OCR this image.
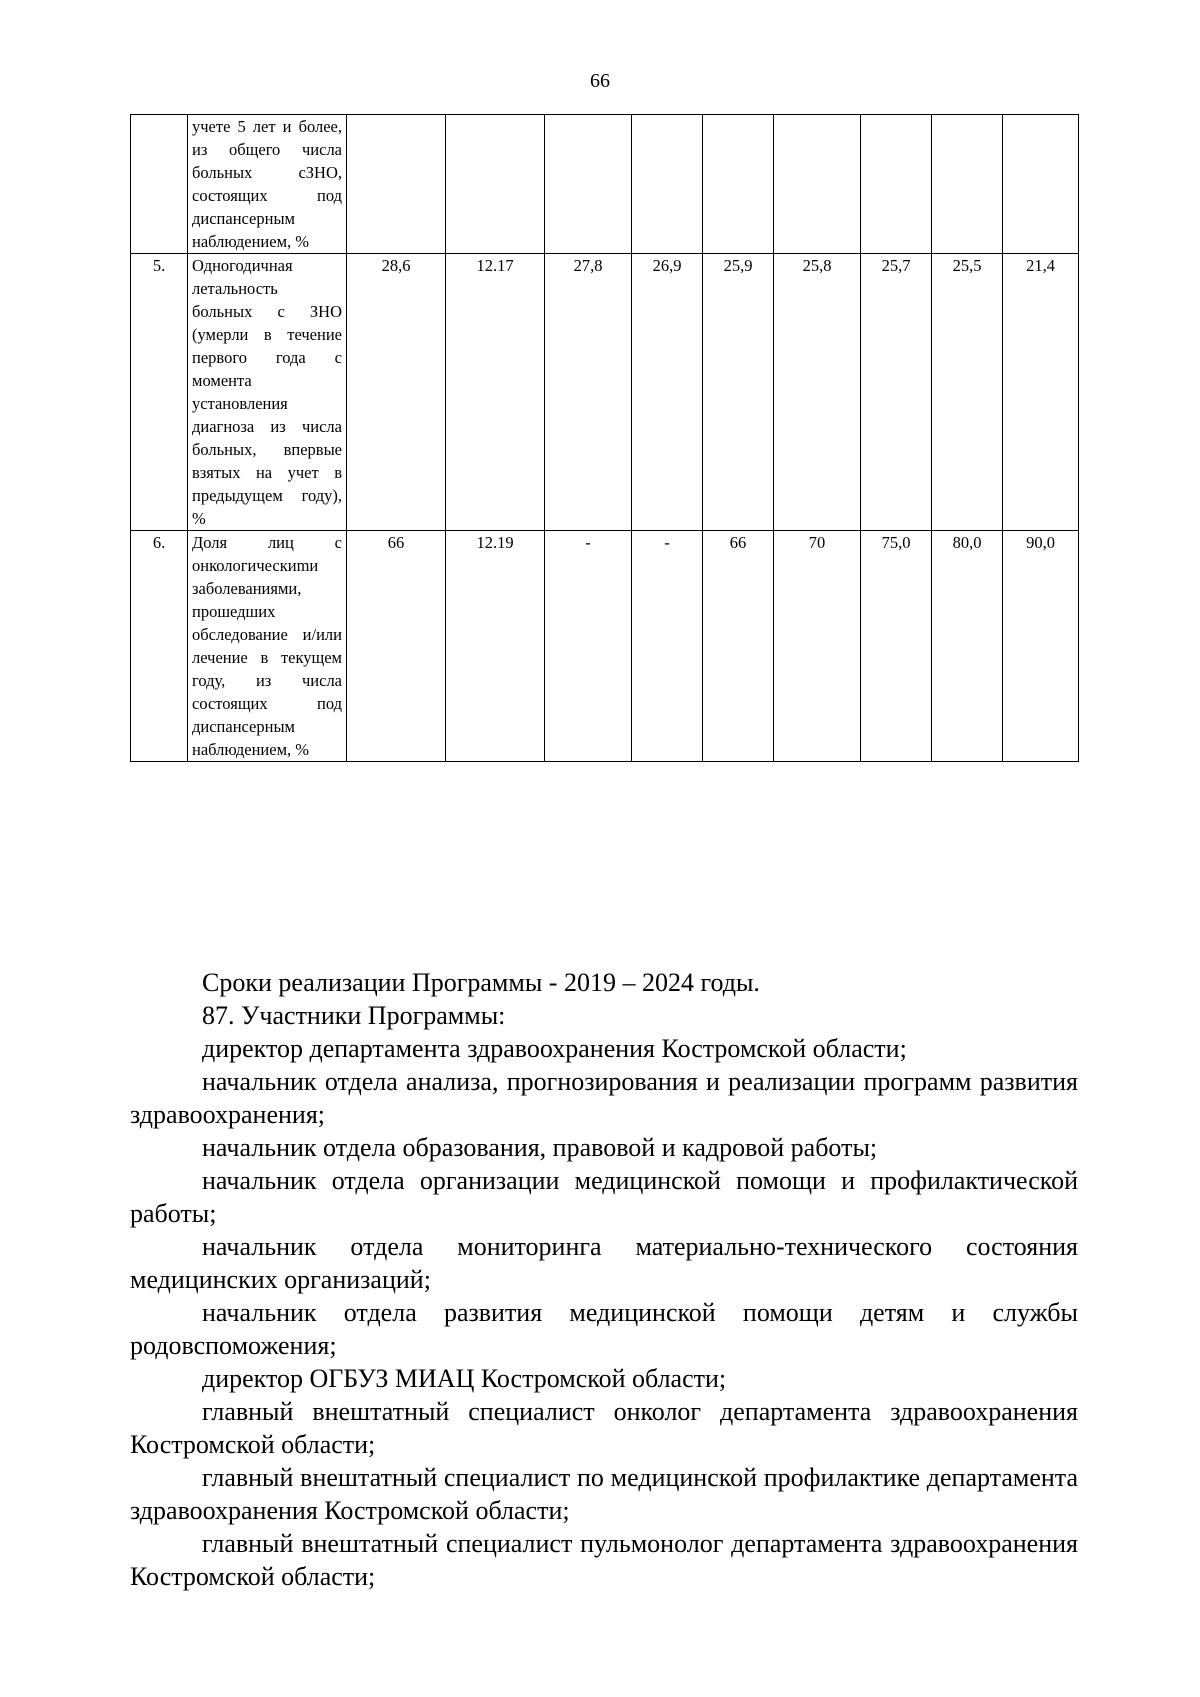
66
	учете 5 лет и более, из общего числа больных сЗНО, состоящих под диспансерным наблюдением, %									
5.	Одногодичная летальность больных с ЗНО (умерли в течение первого года с момента установления диагноза из числа больных, впервые взятых на учет в предыдущем году), %	28,6	12.17	27,8	26,9	25,9	25,8	25,7	25,5	21,4
6.	Доля лиц с онкологическиmи заболеваниями, прошедших обследование и/или лечение в текущем году, из числа состоящих под диспансерным наблюдением, %	66	12.19	-	-	66	70	75,0	80,0	90,0

Сроки реализации Программы - 2019 – 2024 годы.

87. Участники Программы:

директор департамента здравоохранения Костромской области;

начальник отдела анализа, прогнозирования и реализации программ развития здравоохранения;

начальник отдела образования, правовой и кадровой работы;

начальник отдела организации медицинской помощи и профилактической работы;

начальник отдела мониторинга материально-технического состояния медицинских организаций;

начальник отдела развития медицинской помощи детям и службы родовспоможения;

директор ОГБУЗ МИАЦ Костромской области;

главный внештатный специалист онколог департамента здравоохранения Костромской области;

главный внештатный специалист по медицинской профилактике департамента здравоохранения Костромской области;

главный внештатный специалист пульмонолог департамента здравоохранения Костромской области;
